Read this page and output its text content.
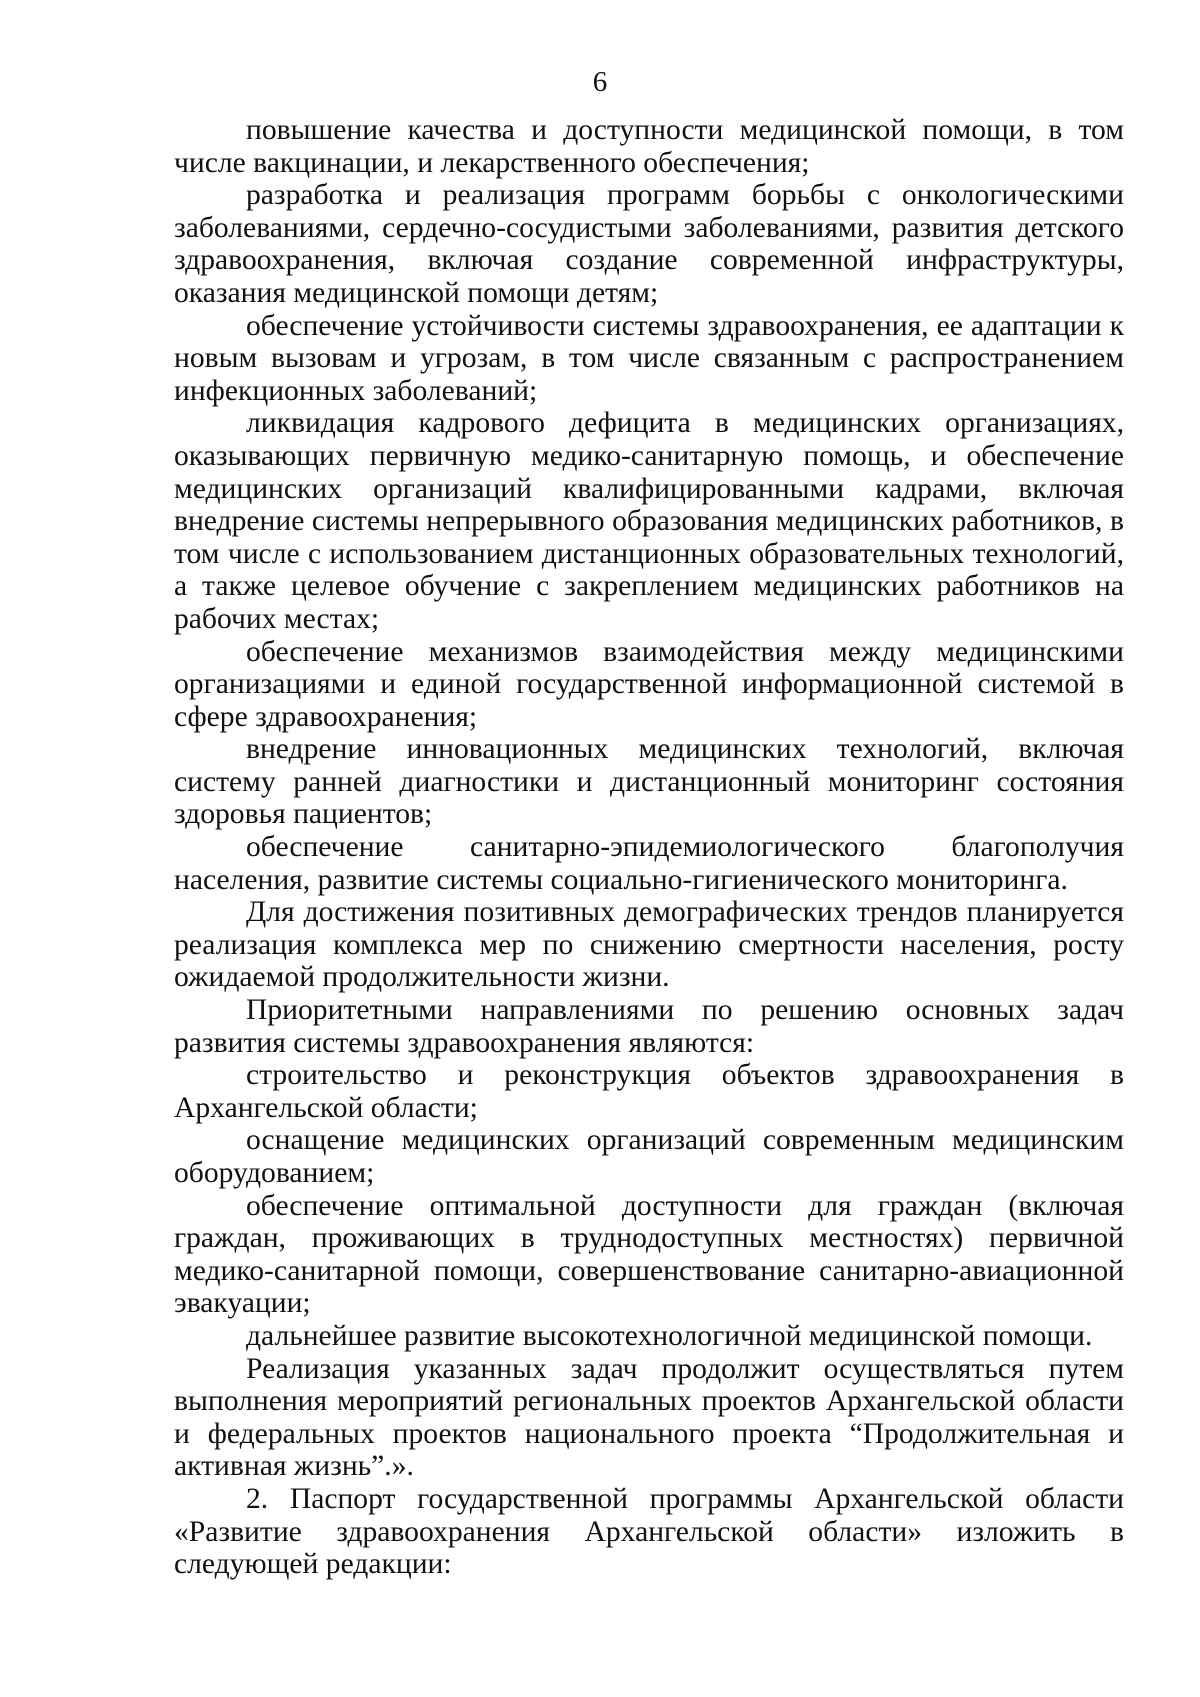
6

повышение качества и доступности медицинской помощи, в том числе вакцинации, и лекарственного обеспечения;

разработка и реализация программ борьбы с онкологическими заболеваниями, сердечно-сосудистыми заболеваниями, развития детского здравоохранения, включая создание современной инфраструктуры, оказания медицинской помощи детям;

обеспечение устойчивости системы здравоохранения, ее адаптации к новым вызовам и угрозам, в том числе связанным с распространением инфекционных заболеваний;

ликвидация кадрового дефицита в медицинских организациях, оказывающих первичную медико-санитарную помощь, и обеспечение медицинских организаций квалифицированными кадрами, включая внедрение системы непрерывного образования медицинских работников, в том числе с использованием дистанционных образовательных технологий, а также целевое обучение с закреплением медицинских работников на рабочих местах;

обеспечение механизмов взаимодействия между медицинскими организациями и единой государственной информационной системой в сфере здравоохранения;

внедрение инновационных медицинских технологий, включая систему ранней диагностики и дистанционный мониторинг состояния здоровья пациентов;

обеспечение санитарно-эпидемиологического благополучия населения, развитие системы социально-гигиенического мониторинга.

Для достижения позитивных демографических трендов планируется реализация комплекса мер по снижению смертности населения, росту ожидаемой продолжительности жизни.

Приоритетными направлениями по решению основных задач развития системы здравоохранения являются:

строительство и реконструкция объектов здравоохранения в Архангельской области;

оснащение медицинских организаций современным медицинским оборудованием;

обеспечение оптимальной доступности для граждан (включая граждан, проживающих в труднодоступных местностях) первичной медико-санитарной помощи, совершенствование санитарно-авиационной эвакуации;

дальнейшее развитие высокотехнологичной медицинской помощи.

Реализация указанных задач продолжит осуществляться путем выполнения мероприятий региональных проектов Архангельской области и федеральных проектов национального проекта “Продолжительная и активная жизнь”.».

2. Паспорт государственной программы Архангельской области «Развитие здравоохранения Архангельской области» изложить в следующей редакции:
